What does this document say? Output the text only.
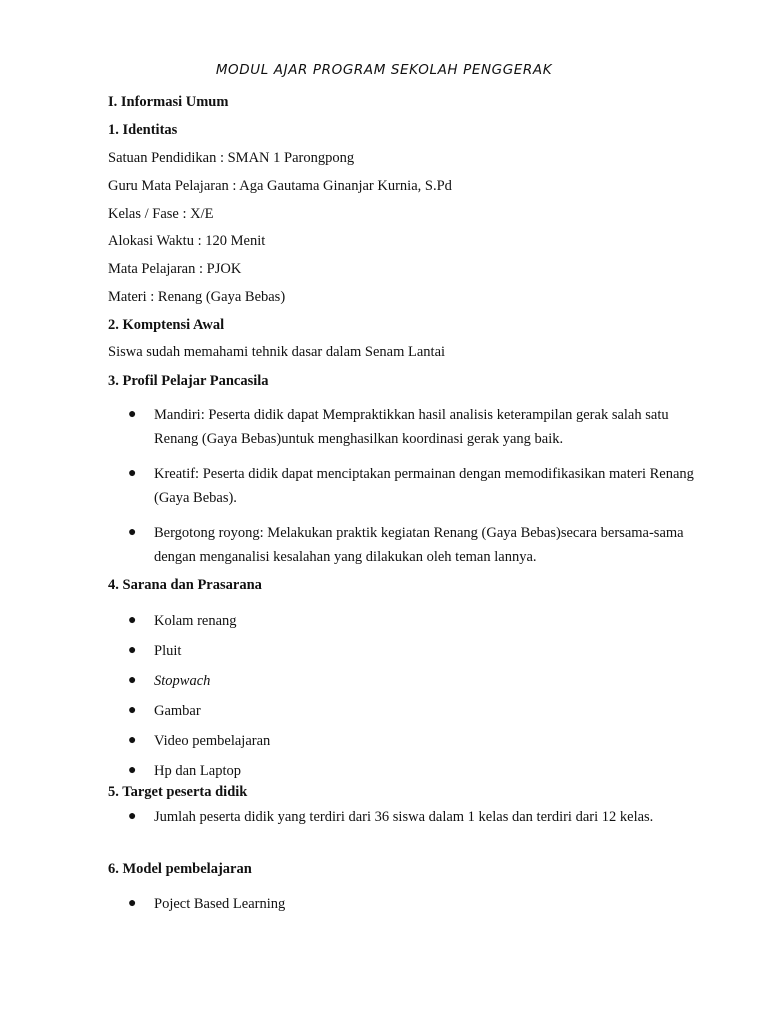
MODUL AJAR PROGRAM SEKOLAH PENGGERAK
I. Informasi Umum
1. Identitas
Satuan Pendidikan : SMAN 1 Parongpong
Guru Mata Pelajaran : Aga Gautama Ginanjar Kurnia, S.Pd
Kelas / Fase : X/E
Alokasi Waktu : 120 Menit
Mata Pelajaran : PJOK
Materi : Renang (Gaya Bebas)
2. Komptensi Awal
Siswa sudah memahami tehnik dasar dalam Senam Lantai
3. Profil Pelajar Pancasila
● Mandiri: Peserta didik dapat Mempraktikkan hasil analisis keterampilan gerak salah satu Renang (Gaya Bebas)untuk menghasilkan koordinasi gerak yang baik.
● Kreatif: Peserta didik dapat menciptakan permainan dengan memodifikasikan materi Renang (Gaya Bebas).
● Bergotong royong: Melakukan praktik kegiatan Renang (Gaya Bebas)secara bersama-sama dengan menganalisi kesalahan yang dilakukan oleh teman lannya.
4. Sarana dan Prasarana
● Kolam renang
● Pluit
● Stopwach
● Gambar
● Video pembelajaran
● Hp dan Laptop
5. Target peserta didik
● Jumlah peserta didik yang terdiri dari 36 siswa dalam 1 kelas dan terdiri dari 12 kelas.
6. Model pembelajaran
● Poject Based Learning
